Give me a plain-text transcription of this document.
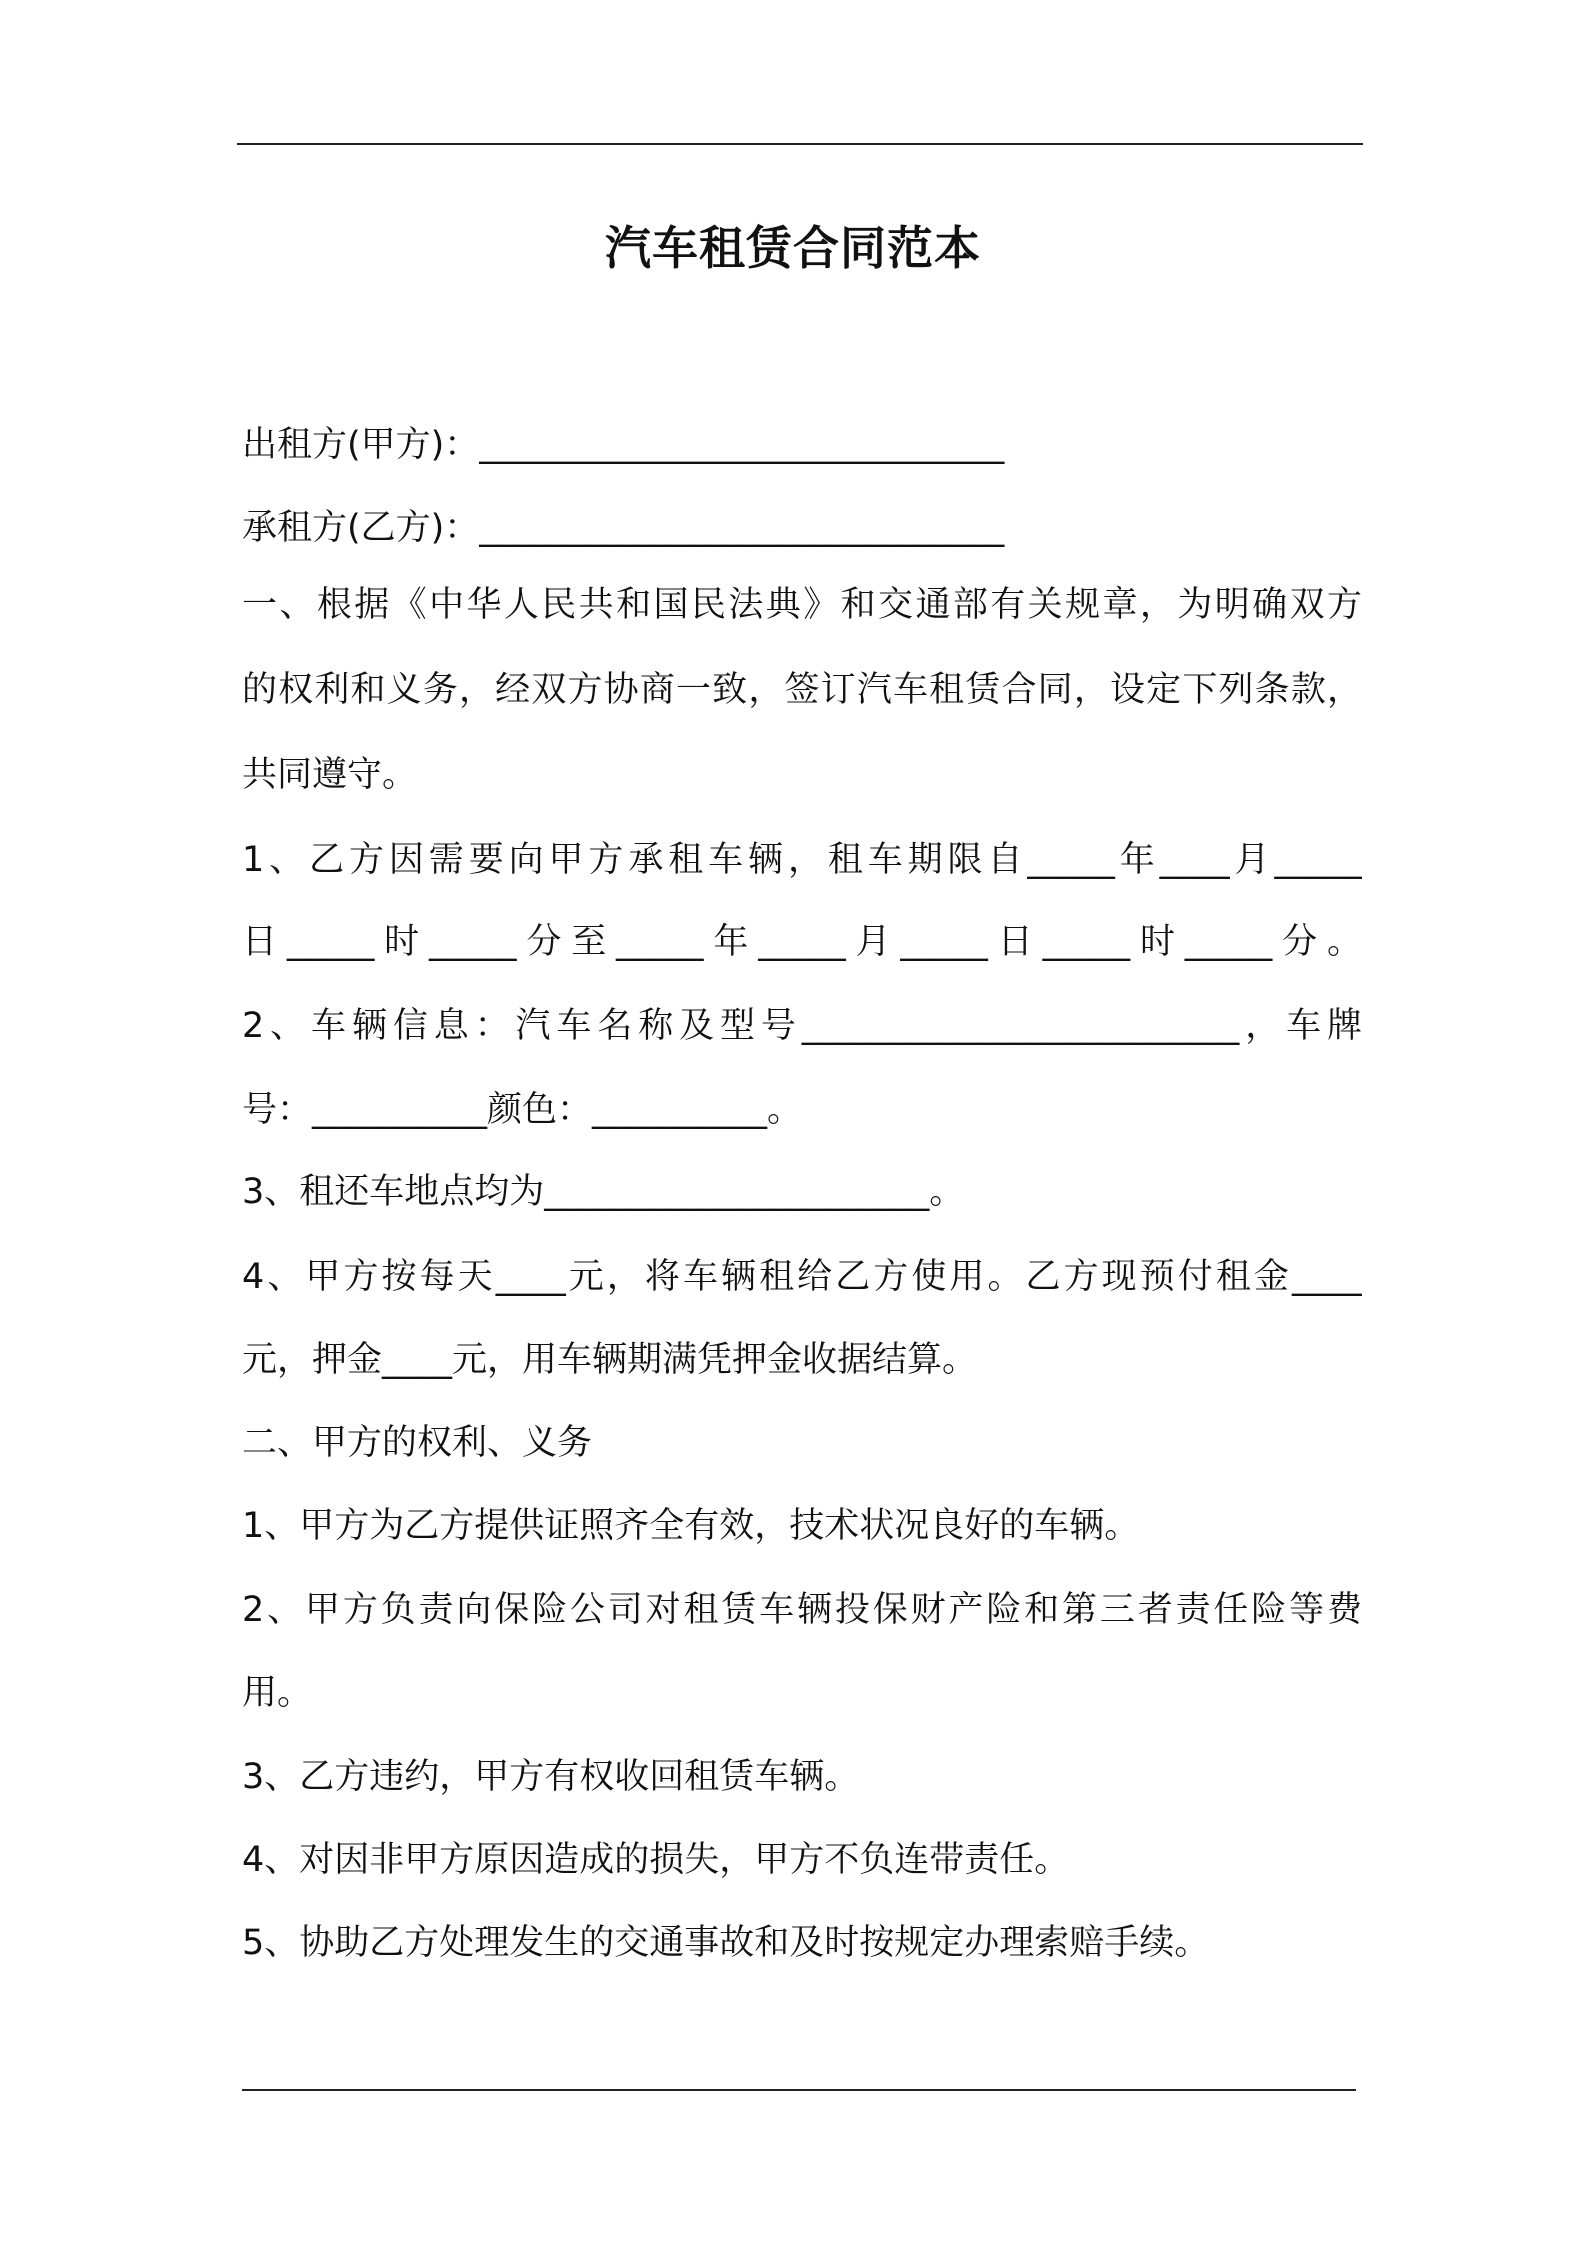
汽车租赁合同范本
出租方(甲方)：______________________________
承租方(乙方)：______________________________
一、根据《中华人民共和国民法典》和交通部有关规章，为明确双方
的权利和义务，经双方协商一致，签订汽车租赁合同，设定下列条款，
共同遵守。
1、乙方因需要向甲方承租车辆，租车期限自_____年____月_____
日_____时_____分至_____年_____月_____日_____时_____分。
2、车辆信息：汽车名称及型号_________________________，车牌
号：__________颜色：__________。
3、租还车地点均为______________________。
4、甲方按每天____元，将车辆租给乙方使用。乙方现预付租金____
元，押金____元，用车辆期满凭押金收据结算。
二、甲方的权利、义务
1、甲方为乙方提供证照齐全有效，技术状况良好的车辆。
2、甲方负责向保险公司对租赁车辆投保财产险和第三者责任险等费
用。
3、乙方违约，甲方有权收回租赁车辆。
4、对因非甲方原因造成的损失，甲方不负连带责任。
5、协助乙方处理发生的交通事故和及时按规定办理索赔手续。
